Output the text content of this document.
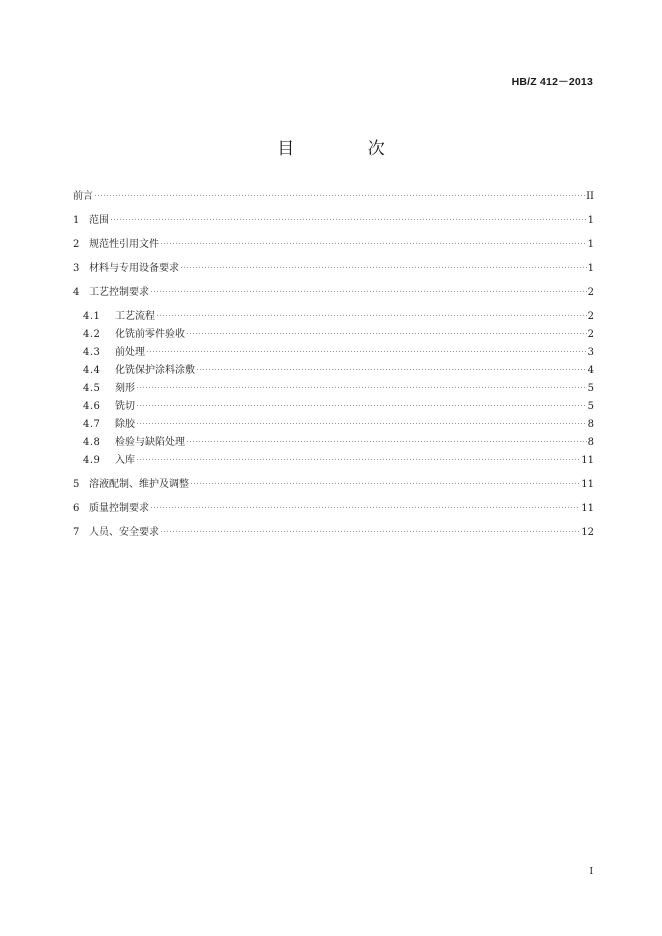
HB/Z 412－2013
目 次
前言	II
1 范围	1
2 规范性引用文件	1
3 材料与专用设备要求	1
4 工艺控制要求	2
4.1	工艺流程	2
4.2	化铣前零件验收	2
4.3	前处理	3
4.4	化铣保护涂料涂敷	4
4.5	刻形	5
4.6	铣切	5
4.7	除胶	8
4.8	检验与缺陷处理	8
4.9	入库	11
5 溶液配制、维护及调整	11
6 质量控制要求	11
7 人员、安全要求	12
I
